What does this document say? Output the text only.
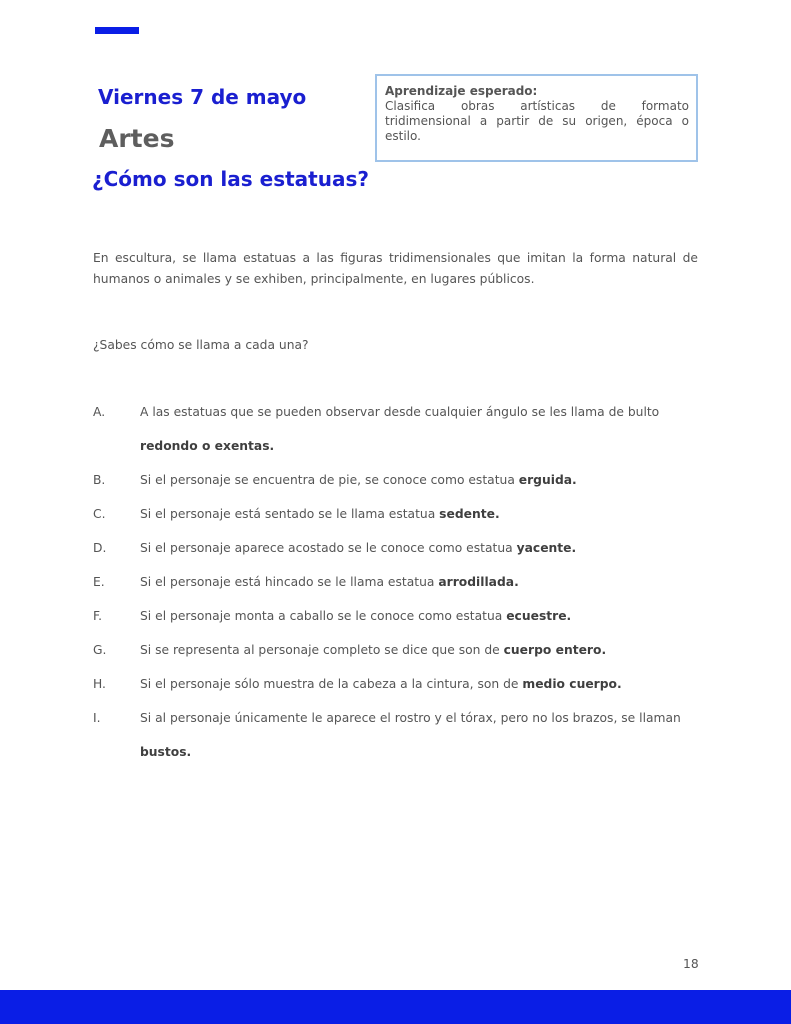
Viernes 7 de mayo
Artes
¿Cómo son las estatuas?
Aprendizaje esperado:
Clasifica obras artísticas de formato tridimensional a partir de su origen, época o estilo.
En escultura, se llama estatuas a las figuras tridimensionales que imitan la forma natural de humanos o animales y se exhiben, principalmente, en lugares públicos.
¿Sabes cómo se llama a cada una?
A.	A las estatuas que se pueden observar desde cualquier ángulo se les llama de bulto
redondo o exentas.
B.	Si el personaje se encuentra de pie, se conoce como estatua erguida.
C.	Si el personaje está sentado se le llama estatua sedente.
D.	Si el personaje aparece acostado se le conoce como estatua yacente.
E.	Si el personaje está hincado se le llama estatua arrodillada.
F.	Si el personaje monta a caballo se le conoce como estatua ecuestre.
G.	Si se representa al personaje completo se dice que son de cuerpo entero.
H.	Si el personaje sólo muestra de la cabeza a la cintura, son de medio cuerpo.
I.	Si al personaje únicamente le aparece el rostro y el tórax, pero no los brazos, se llaman
bustos.
18
